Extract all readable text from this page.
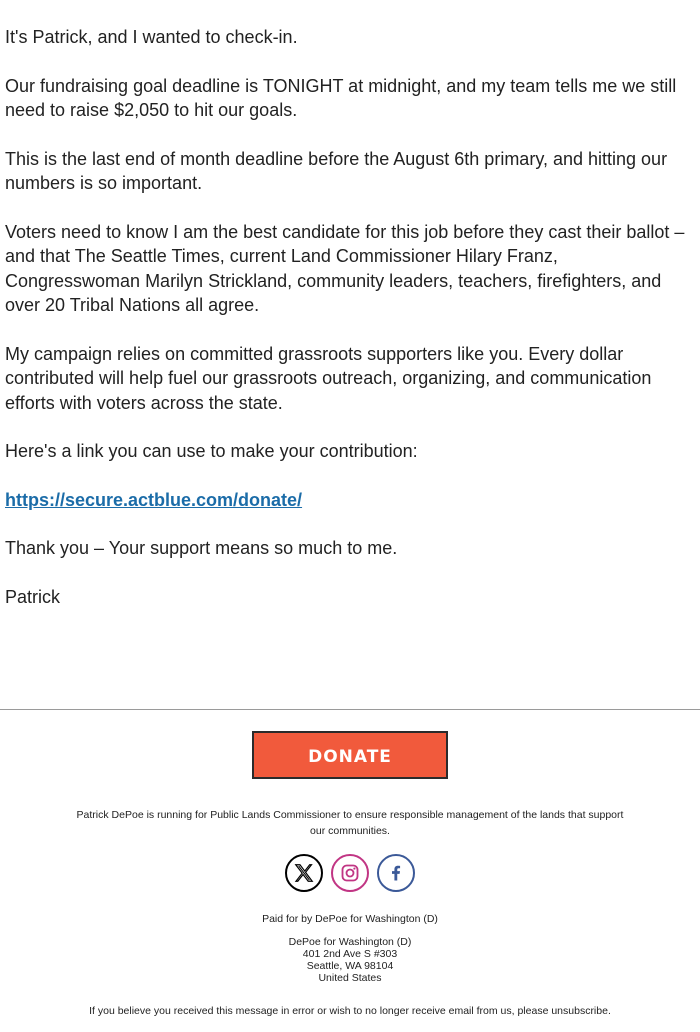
It's Patrick, and I wanted to check-in.

Our fundraising goal deadline is TONIGHT at midnight, and my team tells me we still need to raise $2,050 to hit our goals.

This is the last end of month deadline before the August 6th primary, and hitting our numbers is so important.

Voters need to know I am the best candidate for this job before they cast their ballot – and that The Seattle Times, current Land Commissioner Hilary Franz, Congresswoman Marilyn Strickland, community leaders, teachers, firefighters, and over 20 Tribal Nations all agree.

My campaign relies on committed grassroots supporters like you. Every dollar contributed will help fuel our grassroots outreach, organizing, and communication efforts with voters across the state.

Here's a link you can use to make your contribution:

https://secure.actblue.com/donate/

Thank you – Your support means so much to me.

Patrick

DONATE
Patrick DePoe is running for Public Lands Commissioner to ensure responsible management of the lands that support our communities.
Paid for by DePoe for Washington (D)
DePoe for Washington (D)
401 2nd Ave S #303
Seattle, WA 98104
United States
If you believe you received this message in error or wish to no longer receive email from us, please unsubscribe.
